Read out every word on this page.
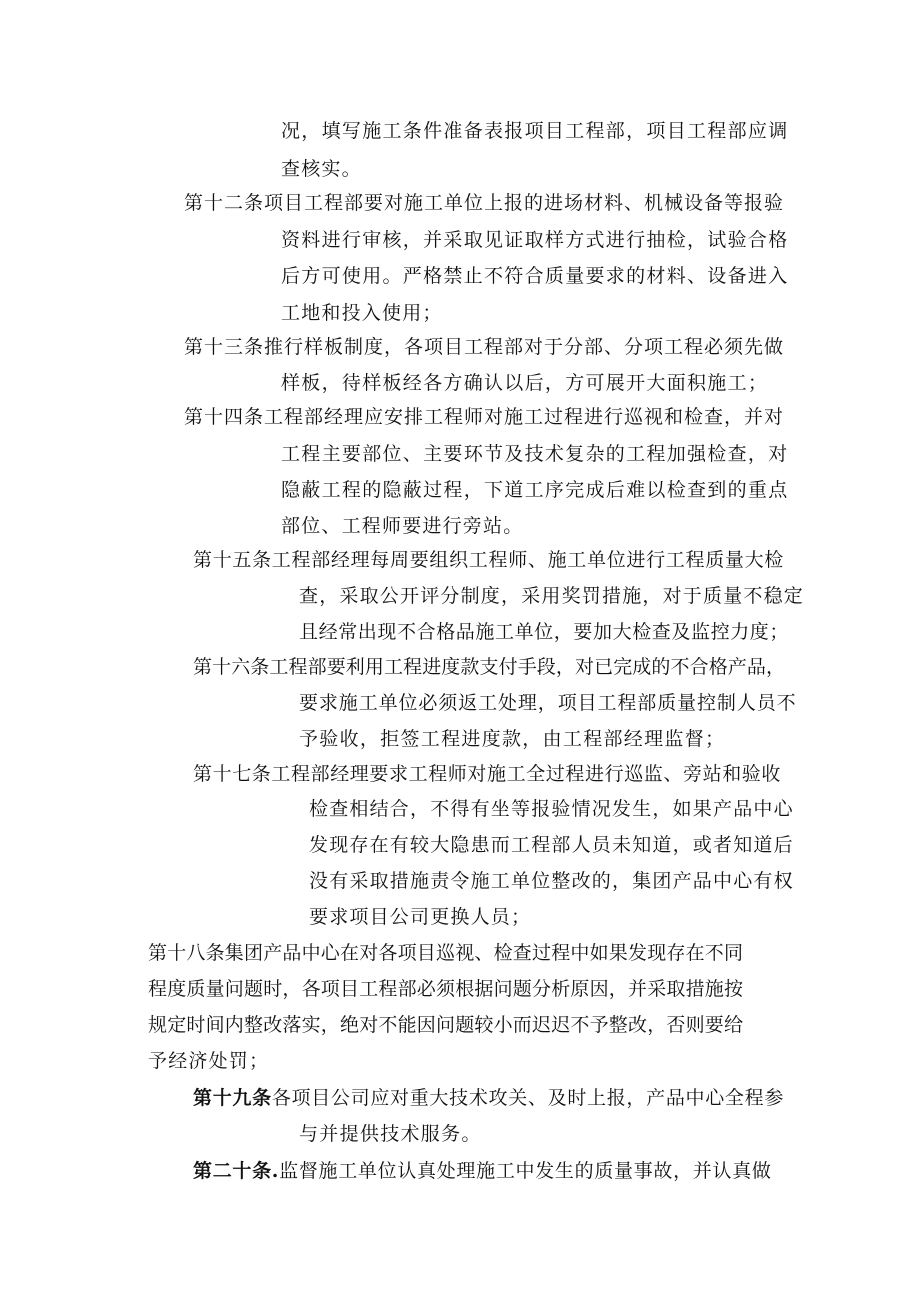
况，填写施工条件准备表报项目工程部，项目工程部应调
查核实。
第十二条项目工程部要对施工单位上报的进场材料、机械设备等报验
资料进行审核，并采取见证取样方式进行抽检，试验合格
后方可使用。严格禁止不符合质量要求的材料、设备进入
工地和投入使用；
第十三条推行样板制度，各项目工程部对于分部、分项工程必须先做
样板，待样板经各方确认以后，方可展开大面积施工；
第十四条工程部经理应安排工程师对施工过程进行巡视和检查，并对
工程主要部位、主要环节及技术复杂的工程加强检查，对
隐蔽工程的隐蔽过程，下道工序完成后难以检查到的重点
部位、工程师要进行旁站。
第十五条工程部经理每周要组织工程师、施工单位进行工程质量大检
查，采取公开评分制度，采用奖罚措施，对于质量不稳定
且经常出现不合格品施工单位，要加大检查及监控力度；
第十六条工程部要利用工程进度款支付手段，对已完成的不合格产品，
要求施工单位必须返工处理，项目工程部质量控制人员不
予验收，拒签工程进度款，由工程部经理监督；
第十七条工程部经理要求工程师对施工全过程进行巡监、旁站和验收
检查相结合，不得有坐等报验情况发生，如果产品中心
发现存在有较大隐患而工程部人员未知道，或者知道后
没有采取措施责令施工单位整改的，集团产品中心有权
要求项目公司更换人员；
第十八条集团产品中心在对各项目巡视、检查过程中如果发现存在不同
程度质量问题时，各项目工程部必须根据问题分析原因，并采取措施按
规定时间内整改落实，绝对不能因问题较小而迟迟不予整改，否则要给
予经济处罚；
第十九条各项目公司应对重大技术攻关、及时上报，产品中心全程参
与并提供技术服务。
第二十条.监督施工单位认真处理施工中发生的质量事故，并认真做
